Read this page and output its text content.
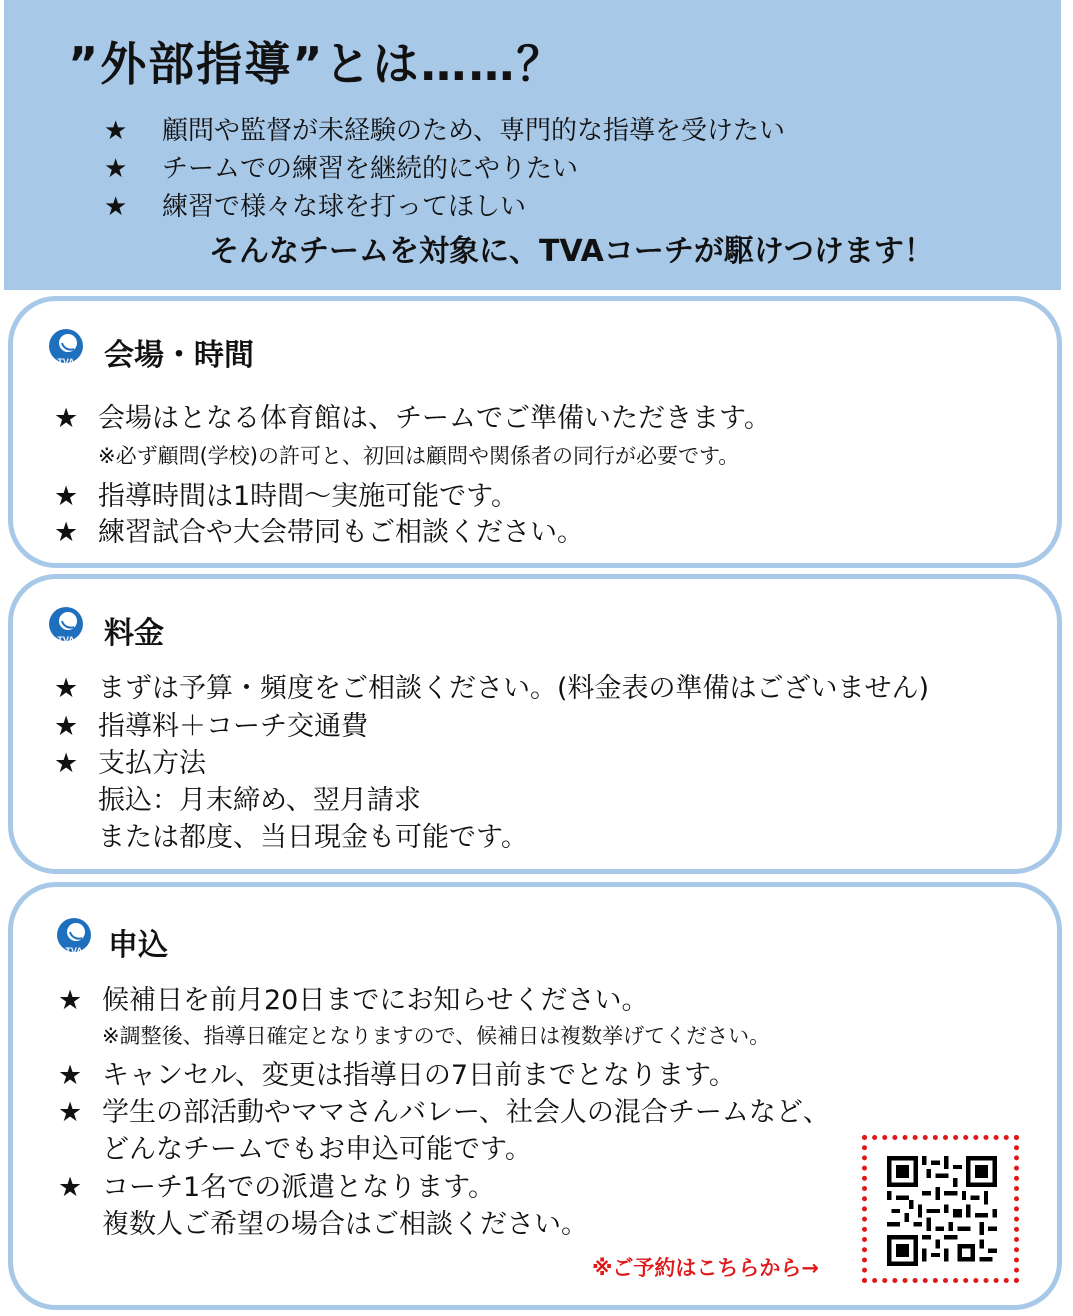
”外部指導”とは……？
★ 顧問や監督が未経験のため、専門的な指導を受けたい
★ チームでの練習を継続的にやりたい
★ 練習で様々な球を打ってほしい
そんなチームを対象に、TVAコーチが駆けつけます！
TVA 会場・時間
★ 会場はとなる体育館は、チームでご準備いただきます。
※必ず顧問(学校)の許可と、初回は顧問や関係者の同行が必要です。
★ 指導時間は1時間～実施可能です。
★ 練習試合や大会帯同もご相談ください。
TVA 料金
★ まずは予算・頻度をご相談ください。(料金表の準備はございません)
★ 指導料＋コーチ交通費
★ 支払方法
振込：月末締め、翌月請求
または都度、当日現金も可能です。
TVA 申込
★ 候補日を前月20日までにお知らせください。
※調整後、指導日確定となりますので、候補日は複数挙げてください。
★ キャンセル、変更は指導日の7日前までとなります。
★ 学生の部活動やママさんバレー、社会人の混合チームなど、
どんなチームでもお申込可能です。
★ コーチ1名での派遣となります。
複数人ご希望の場合はご相談ください。
※ご予約はこちらから→
